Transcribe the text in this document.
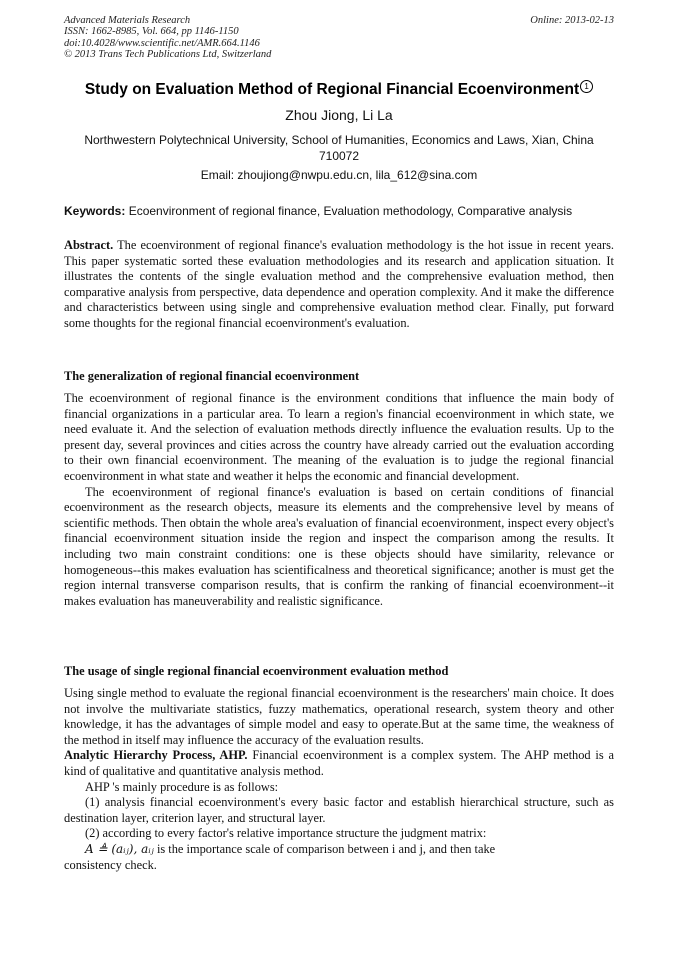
Advanced Materials Research
ISSN: 1662-8985, Vol. 664, pp 1146-1150
doi:10.4028/www.scientific.net/AMR.664.1146
© 2013 Trans Tech Publications Ltd, Switzerland
Online: 2013-02-13
Study on Evaluation Method of Regional Financial Ecoenvironment 1
Zhou Jiong, Li La
Northwestern Polytechnical University, School of Humanities, Economics and Laws, Xian, China
710072
Email: zhoujiong@nwpu.edu.cn, lila_612@sina.com
Keywords: Ecoenvironment of regional finance, Evaluation methodology, Comparative analysis

Abstract. The ecoenvironment of regional finance's evaluation methodology is the hot issue in recent years. This paper systematic sorted these evaluation methodologies and its research and application situation. It illustrates the contents of the single evaluation method and the comprehensive evaluation method, then comparative analysis from perspective, data dependence and operation complexity. And it make the difference and characteristics between using single and comprehensive evaluation method clear. Finally, put forward some thoughts for the regional financial ecoenvironment's evaluation.

The generalization of regional financial ecoenvironment

The ecoenvironment of regional finance is the environment conditions that influence the main body of financial organizations in a particular area. To learn a region's financial ecoenvironment in which state, we need evaluate it. And the selection of evaluation methods directly influence the evaluation results. Up to the present day, several provinces and cities across the country have already carried out the evaluation according to their own financial ecoenvironment. The meaning of the evaluation is to judge the regional financial ecoenvironment in what state and weather it helps the economic and financial development.

The ecoenvironment of regional finance's evaluation is based on certain conditions of financial ecoenvironment as the research objects, measure its elements and the comprehensive level by means of scientific methods. Then obtain the whole area's evaluation of financial ecoenvironment, inspect every object's financial ecoenvironment situation inside the region and inspect the comparison among the results. It including two main constraint conditions: one is these objects should have similarity, relevance or homogeneous--this makes evaluation has scientificalness and theoretical significance; another is must get the region internal transverse comparison results, that is confirm the ranking of financial ecoenvironment--it makes evaluation has maneuverability and realistic significance.

The usage of single regional financial ecoenvironment evaluation method

Using single method to evaluate the regional financial ecoenvironment is the researchers' main choice. It does not involve the multivariate statistics, fuzzy mathematics, operational research, system theory and other knowledge, it has the advantages of simple model and easy to operate.But at the same time, the weakness of the method in itself may influence the accuracy of the evaluation results.

Analytic Hierarchy Process, AHP. Financial ecoenvironment is a complex system. The AHP method is a kind of qualitative and quantitative analysis method.

AHP 's mainly procedure is as follows:

(1) analysis financial ecoenvironment's every basic factor and establish hierarchical structure, such as destination layer, criterion layer, and structural layer.

(2) according to every factor's relative importance structure the judgment matrix:

A ≜ (aᵢⱼ), aᵢⱼ is the importance scale of comparison between i and j, and then take

consistency check.
